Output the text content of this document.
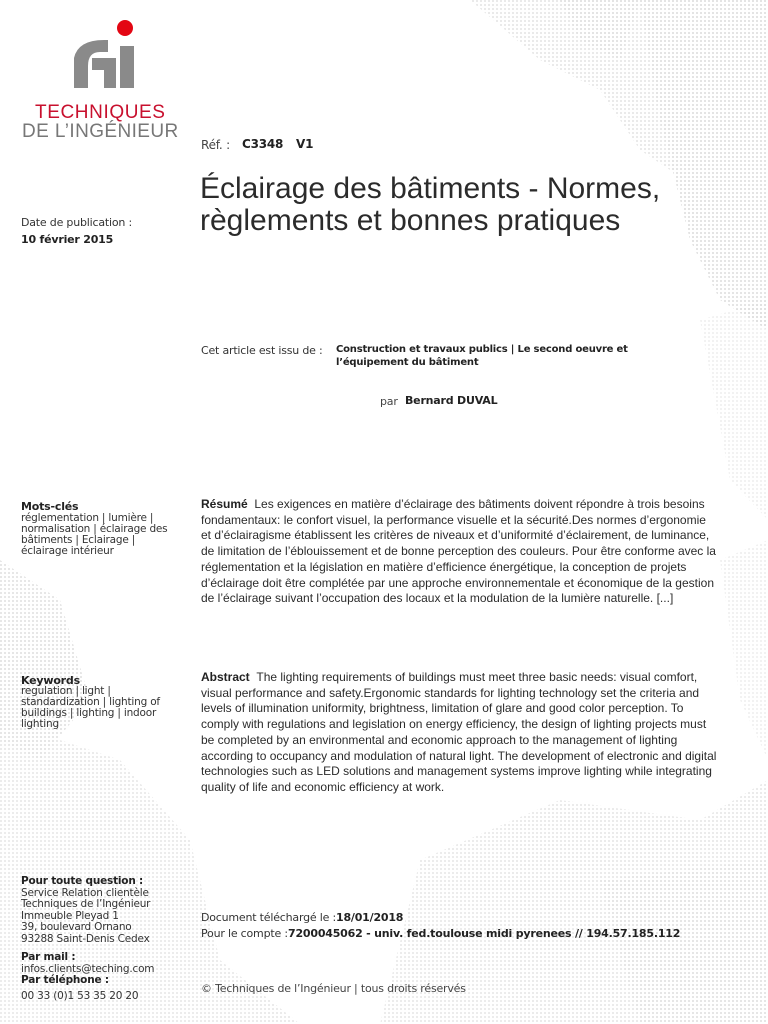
TECHNIQUES
DE L’INGÉNIEUR
Réf. : C3348 V1
Date de publication :
10 février 2015
Éclairage des bâtiments - Normes, règlements et bonnes pratiques
Cet article est issu de : Construction et travaux publics | Le second oeuvre et l’équipement du bâtiment
par Bernard DUVAL
Mots-clés
réglementation | lumière | normalisation | éclairage des bâtiments | Eclairage | éclairage intérieur
Résumé Les exigences en matière d’éclairage des bâtiments doivent répondre à trois besoins fondamentaux: le confort visuel, la performance visuelle et la sécurité.Des normes d’ergonomie et d’éclairagisme établissent les critères de niveaux et d’uniformité d’éclairement, de luminance, de limitation de l’éblouissement et de bonne perception des couleurs. Pour être conforme avec la réglementation et la législation en matière d’efficience énergétique, la conception de projets d’éclairage doit être complétée par une approche environnementale et économique de la gestion de l’éclairage suivant l’occupation des locaux et la modulation de la lumière naturelle. [...]
Keywords
regulation | light | standardization | lighting of buildings | lighting | indoor lighting
Abstract The lighting requirements of buildings must meet three basic needs: visual comfort, visual performance and safety.Ergonomic standards for lighting technology set the criteria and levels of illumination uniformity, brightness, limitation of glare and good color perception. To comply with regulations and legislation on energy efficiency, the design of lighting projects must be completed by an environmental and economic approach to the management of lighting according to occupancy and modulation of natural light. The development of electronic and digital technologies such as LED solutions and management systems improve lighting while integrating quality of life and economic efficiency at work.
Pour toute question :
Service Relation clientèle
Techniques de l’Ingénieur
Immeuble Pleyad 1
39, boulevard Ornano
93288 Saint-Denis Cedex
Par mail :
infos.clients@teching.com
Par téléphone :
00 33 (0)1 53 35 20 20
Document téléchargé le : 18/01/2018
Pour le compte : 7200045062 - univ. fed.toulouse midi pyrenees // 194.57.185.112
© Techniques de l’Ingénieur | tous droits réservés
